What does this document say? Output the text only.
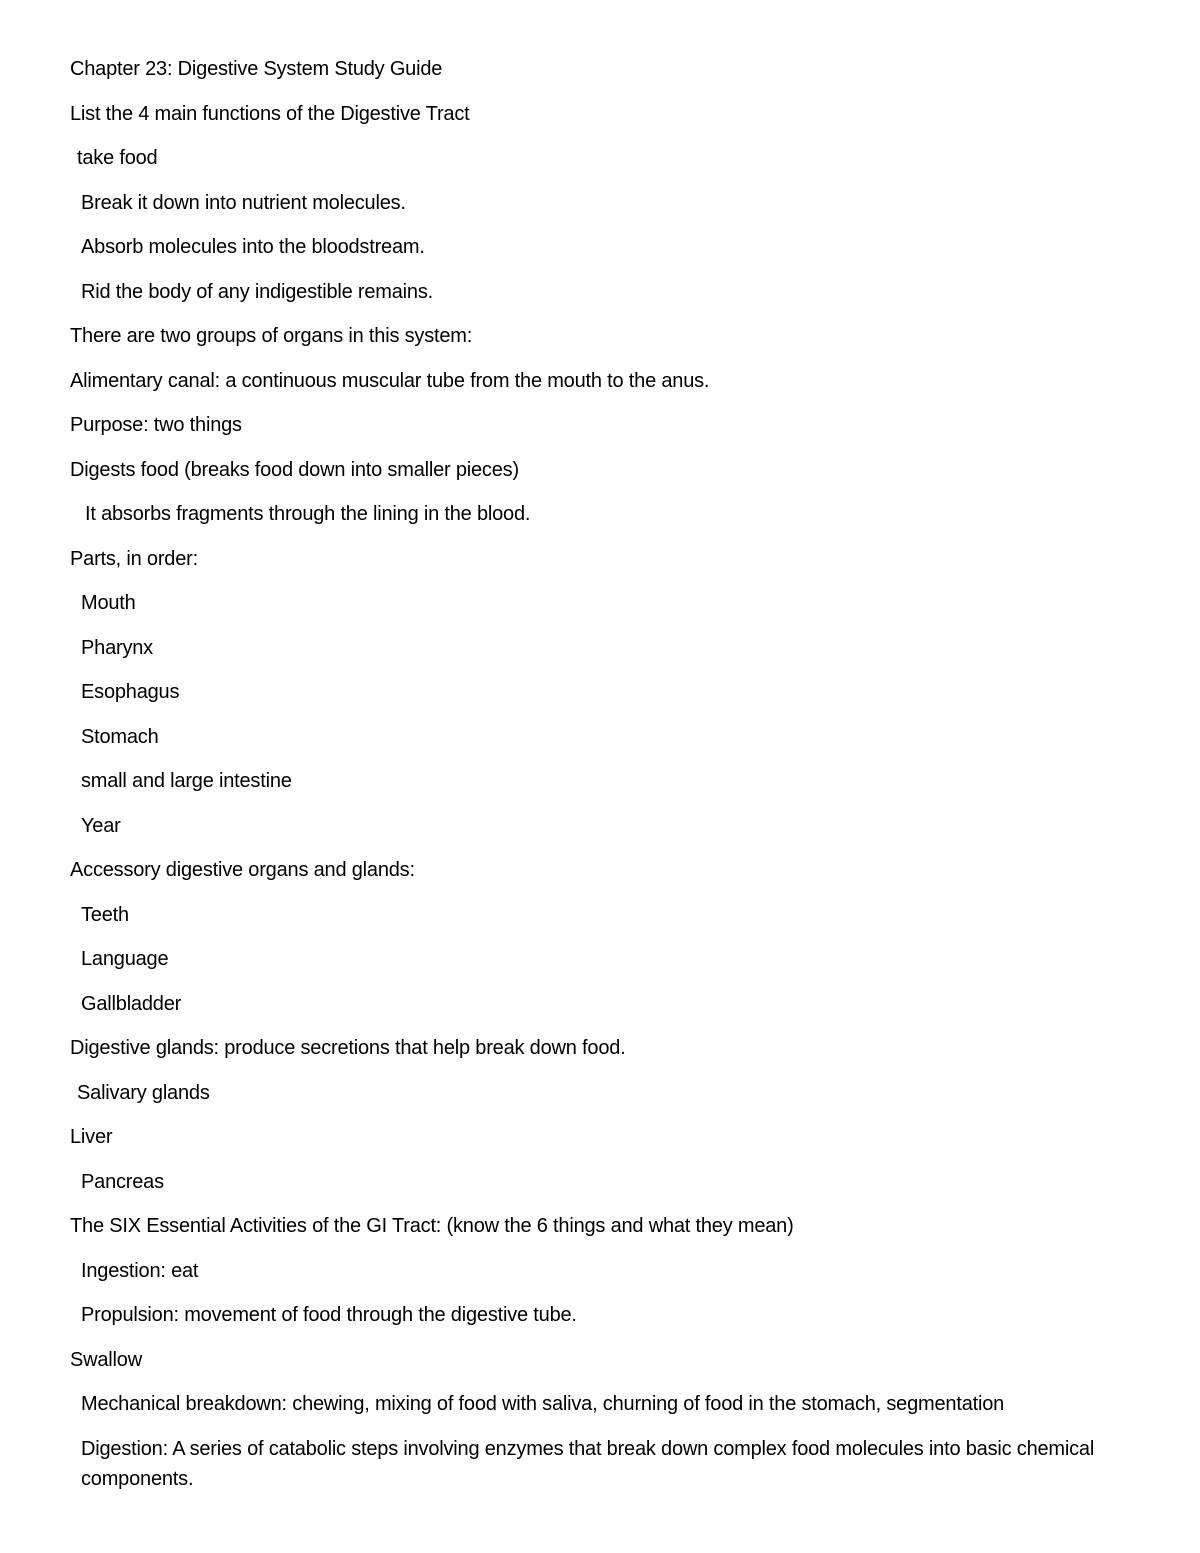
Chapter 23: Digestive System Study Guide
List the 4 main functions of the Digestive Tract
take food
Break it down into nutrient molecules.
Absorb molecules into the bloodstream.
Rid the body of any indigestible remains.
There are two groups of organs in this system:
Alimentary canal: a continuous muscular tube from the mouth to the anus.
Purpose: two things
Digests food (breaks food down into smaller pieces)
It absorbs fragments through the lining in the blood.
Parts, in order:
Mouth
Pharynx
Esophagus
Stomach
small and large intestine
Year
Accessory digestive organs and glands:
Teeth
Language
Gallbladder
Digestive glands: produce secretions that help break down food.
Salivary glands
Liver
Pancreas
The SIX Essential Activities of the GI Tract: (know the 6 things and what they mean)
Ingestion: eat
Propulsion: movement of food through the digestive tube.
Swallow
Mechanical breakdown: chewing, mixing of food with saliva, churning of food in the stomach, segmentation
Digestion: A series of catabolic steps involving enzymes that break down complex food molecules into basic chemical components.
